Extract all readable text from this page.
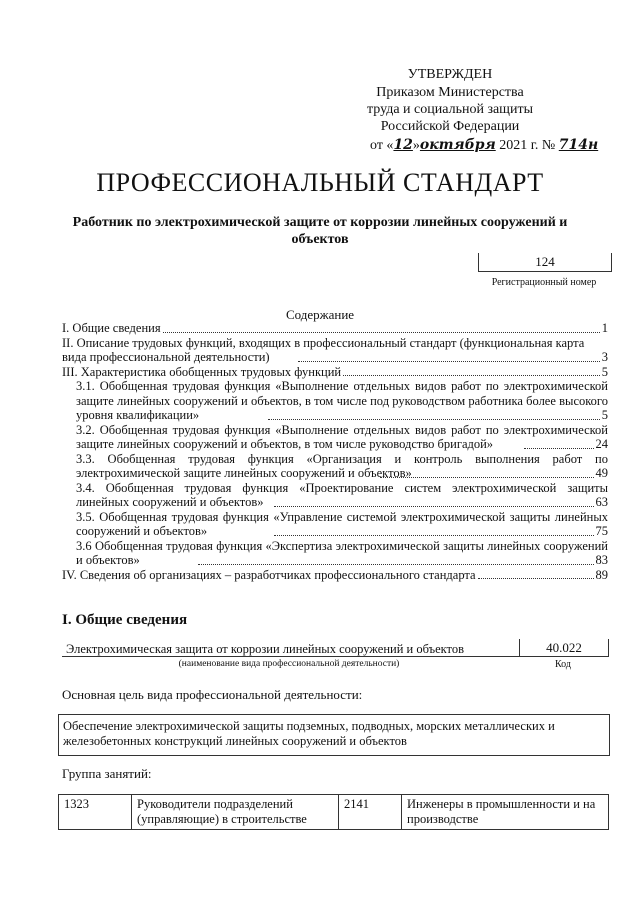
УТВЕРЖДЕН
Приказом Министерства
труда и социальной защиты
Российской Федерации
от «12»октября 2021 г. № 714н
ПРОФЕССИОНАЛЬНЫЙ СТАНДАРТ
Работник по электрохимической защите от коррозии линейных сооружений и объектов
124
Регистрационный номер
Содержание
I. Общие сведения	1
II. Описание трудовых функций, входящих в профессиональный стандарт (функциональная карта вида профессиональной деятельности)	3
III. Характеристика обобщенных трудовых функций	5
3.1. Обобщенная трудовая функция «Выполнение отдельных видов работ по электрохимической защите линейных сооружений и объектов, в том числе под руководством работника более высокого уровня квалификации»	5
3.2. Обобщенная трудовая функция «Выполнение отдельных видов работ по электрохимической защите линейных сооружений и объектов, в том числе руководство бригадой»	24
3.3. Обобщенная трудовая функция «Организация и контроль выполнения работ по электрохимической защите линейных сооружений и объектов»	49
3.4. Обобщенная трудовая функция «Проектирование систем электрохимической защиты линейных сооружений и объектов»	63
3.5. Обобщенная трудовая функция «Управление системой электрохимической защиты линейных сооружений и объектов»	75
3.6 Обобщенная трудовая функция «Экспертиза электрохимической защиты линейных сооружений и объектов»	83
IV. Сведения об организациях – разработчиках профессионального стандарта	89
I. Общие сведения
Электрохимическая защита от коррозии линейных сооружений и объектов	40.022
(наименование вида профессиональной деятельности)	Код
Основная цель вида профессиональной деятельности:
Обеспечение электрохимической защиты подземных, подводных, морских металлических и железобетонных конструкций линейных сооружений и объектов
Группа занятий:
1323	Руководители подразделений (управляющие) в строительстве	2141	Инженеры в промышленности и на производстве
